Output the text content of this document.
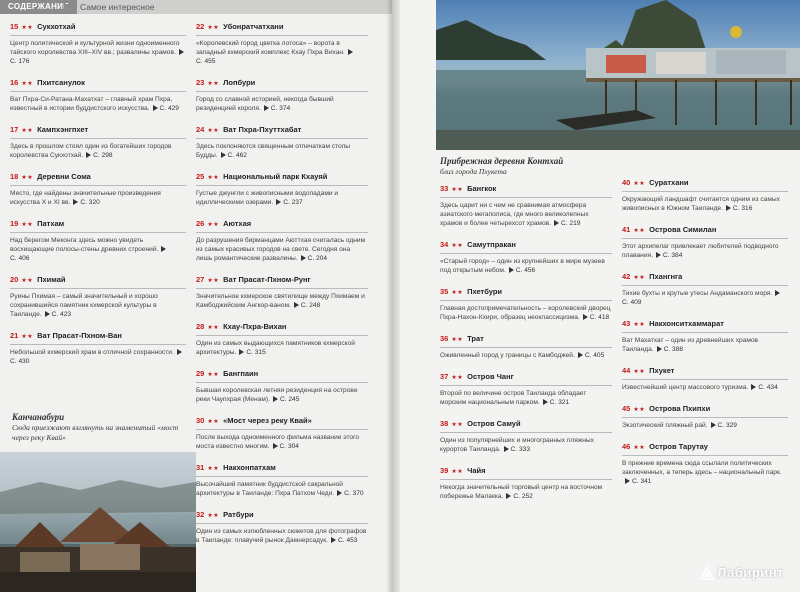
СОДЕРЖАНИЕ	Самое интересное
15 ★★ Сукхотхай
Центр политической и культурной жизни одноименного тайского королевства XIII–XIV вв.; развалины храмов.С. 176
16 ★★ Пхитсанулок
Ват Пхра-Си-Ратана-Махатхат – главный храм Пхра, известный в истории буддистского искусства. С. 429
17 ★★ Кампхэнгпхет
Здесь в прошлом стоял один из богатейших городов королевства Сукхотхай. С. 298
18 ★★ Деревни Сома
Место, где найдены значительные произведения искусства X и XI вв. С. 320
19 ★★ Патхам
Над берегом Меконга здесь можно увидеть восхищающие полосы-стены древних строений.С. 406
20 ★★ Пхимай
Руины Пхимая – самый значительный и хорошо сохранившийся памятник кхмерской культуры в Таиланде. С. 423
21 ★★ Ват Прасат-Пхном-Ван
Небольшой кхмерский храм в отличной сохранности.С. 430
22 ★★ Убонратчатхани
«Королевский город цветка лотоса» – ворота в западный кхмерский комплекс Кхау Пхра Вихан.С. 455
23 ★★ Лопбури
Город со славной историей, некогда бывший резиденцией короля. С. 374
24 ★★ Ват Пхра-Пхуттхабат
Здесь поклоняются священным отпечаткам стопы Будды. С. 462
25 ★★ Национальный парк Кхауяй
Густые джунгли с живописными водопадами и идиллическими озерами. С. 237
26 ★★ Аютхая
До разрушения бирманцами Аюттхая считалась одним из самых красивых городов на свете. Сегодня она лишь романтические развалины. С. 204
27 ★★ Ват Прасат-Пхном-Рунг
Значительное кхмерское святилище между Пхимаем и Камбоджийским Ангкор-ваном. С. 248
28 ★★ Кхау-Пхра-Вихан
Один из самых выдающихся памятников кхмерской архитектуры. С. 315
29 ★★ Бангпаин
Бывшая королевская летняя резиденция на острове реки Чаупхрая (Менам). С. 245
30 ★★ «Мост через реку Квай»
После выхода одноименного фильма название этого моста известно многим. С. 304
31 ★★ Накхонпатхам
Высочайший памятник буддистской сакральной архитектуры в Таиланде: Пхра Патхом Чеди. С. 370
32 ★★ Ратбури
Один из самых излюбленных сюжетов для фотографов в Таиланде: плавучий рынок Дамнерсадук. С. 453
Канчанабури
Сюда приезжают взглянуть на знаменитый «мост через реку Квай»
Прибрежная деревня Контхай
близ города Пхукета
33 ★★ Бангкок
Здесь царит ни с чем не сравнимая атмосфера азиатского мегаполиса, где много великолепных храмов и более четырехсот храмов. С. 219
34 ★★ Самутпракан
«Старый город» – один из крупнейших в мире музеев под открытым небом. С. 456
35 ★★ Пхетбури
Главная достопримечательность – королевский дворец Пхра-Нахон-Кхири, образец неоклассицизма. С. 418
36 ★★ Трат
Оживленный город у границы с Камбоджей. С. 405
37 ★★ Остров Чанг
Второй по величине остров Таиланда обладает морским национальным парком. С. 321
38 ★★ Остров Самуй
Один из популярнейших и многогранных пляжных курортов Таиланда. С. 333
39 ★★ Чайя
Некогда значительный торговый центр на восточном побережье Малакка. С. 252
40 ★★ Суратхани
Окружающий ландшафт считается одним из самых живописных в Южном Таиланде. С. 316
41 ★★ Острова Симилан
Этот архипелаг привлекает любителей подводного плавания. С. 384
42 ★★ Пхангнга
Тихие бухты и крутые утесы Андаманского моря.С. 409
43 ★★ Накхонситхаммарат
Ват Махатхат – один из древнейших храмов Таиланда. С. 388
44 ★★ Пхукет
Известнейший центр массового туризма. С. 434
45 ★★ Острова Пхипхи
Экзотический пляжный рай. С. 329
46 ★★ Остров Тарутау
В прежние времена сюда ссылали политических заключенных, а теперь здесь – национальный парк.С. 341
Лабиринт
